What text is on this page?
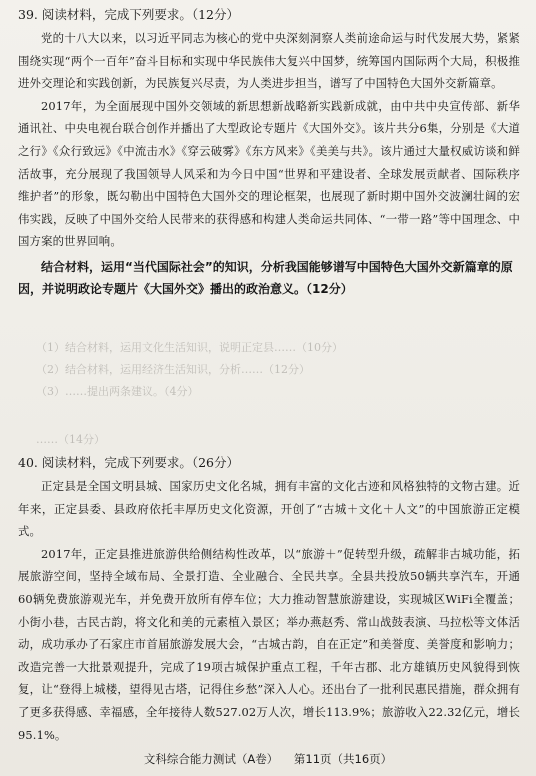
39. 阅读材料，完成下列要求。（12分）

党的十八大以来，以习近平同志为核心的党中央深刻洞察人类前途命运与时代发展大势，紧紧围绕实现“两个一百年”奋斗目标和实现中华民族伟大复兴中国梦，统筹国内国际两个大局，积极推进外交理论和实践创新，为民族复兴尽责，为人类进步担当，谱写了中国特色大国外交新篇章。

2017年，为全面展现中国外交领域的新思想新战略新实践新成就，由中共中央宣传部、新华通讯社、中央电视台联合创作并播出了大型政论专题片《大国外交》。该片共分6集，分别是《大道之行》《众行致远》《中流击水》《穿云破雾》《东方风来》《美美与共》。该片通过大量权威访谈和鲜活故事，充分展现了我国领导人风采和为今日中国“世界和平建设者、全球发展贡献者、国际秩序维护者”的形象，既勾勒出中国特色大国外交的理论框架，也展现了新时期中国外交波澜壮阔的宏伟实践，反映了中国外交给人民带来的获得感和构建人类命运共同体、“一带一路”等中国理念、中国方案的世界回响。

结合材料，运用“当代国际社会”的知识，分析我国能够谱写中国特色大国外交新篇章的原因，并说明政论专题片《大国外交》播出的政治意义。（12分）

（1）结合材料，运用文化生活知识，说明正定县……（10分）
（2）结合材料，运用经济生活知识，分析……（12分）
（3）……提出两条建议。（4分）
……（14分）
40. 阅读材料，完成下列要求。（26分）

正定县是全国文明县城、国家历史文化名城，拥有丰富的文化古迹和风格独特的文物古建。近年来，正定县委、县政府依托丰厚历史文化资源，开创了“古城＋文化＋人文”的中国旅游正定模式。

2017年，正定县推进旅游供给侧结构性改革，以“旅游＋”促转型升级，疏解非古城功能，拓展旅游空间，坚持全域布局、全景打造、全业融合、全民共享。全县共投放50辆共享汽车，开通60辆免费旅游观光车，并免费开放所有停车位；大力推动智慧旅游建设，实现城区WiFi全覆盖；小街小巷，古民古韵，将文化和美的元素植入景区；举办燕赵秀、常山战鼓表演、马拉松等文体活动，成功承办了石家庄市首届旅游发展大会，“古城古韵，自在正定”和美誉度、美誉度和影响力；改造完善一大批景观提升，完成了19项古城保护重点工程，千年古郡、北方雄镇历史风貌得到恢复，让“登得上城楼，望得见古塔，记得住乡愁”深入人心。还出台了一批利民惠民措施，群众拥有了更多获得感、幸福感，全年接待人数527.02万人次，增长113.9%；旅游收入22.32亿元，增长95.1%。

文科综合能力测试（A卷） 第11页（共16页）
